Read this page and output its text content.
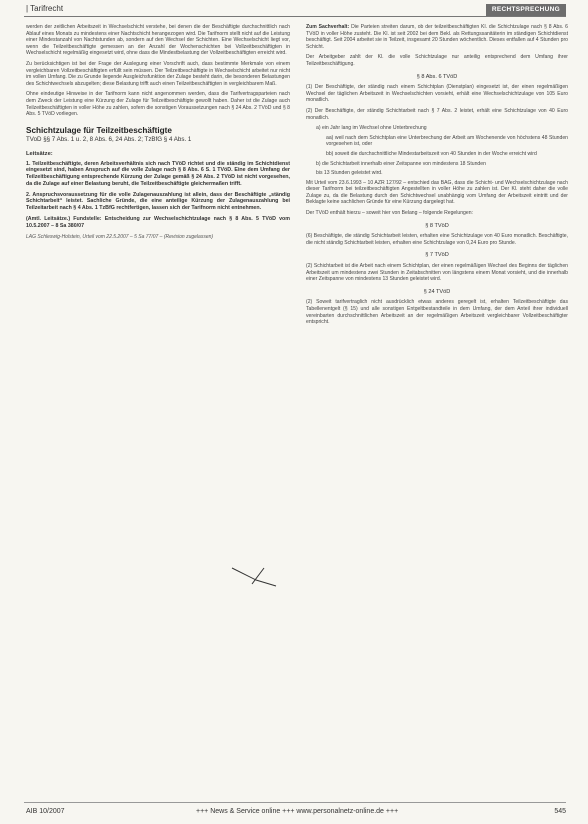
| Tarifrecht	RECHTSPRECHUNG

werden der zeitlichen Arbeitszeit in Wechselschicht verstehe, bei denen die der Beschäftigte durchschnittlich nach Ablauf eines Monats zu mindestens einer Nachtschicht herangezogen wird. Die Tarifnorm stellt nicht auf die Leistung einer Mindestanzahl von Nachtstunden ab, sondern auf den Wechsel der Schichten. Eine Wechselschicht liegt vor, wenn die Teilzeitbeschäftigte gemessen an der Anzahl der Wochenschichten bei Vollzeitbeschäftigten in Wechselschicht regelmäßig eingesetzt wird, ohne dass die Mindestbelastung der Vollzeitbeschäftigten erreicht wird.

Zu berücksichtigen ist bei der Frage der Auslegung einer Vorschrift auch, dass bestimmte Merkmale von einem vergleichbaren Vollzeitbeschäftigten erfüllt sein müssen. Der Teilzeitbeschäftigte in Wechselschicht arbeitet nur nicht im vollen Umfang. Die zu Grunde liegende Ausgleichsfunktion der Zulage besteht darin, die besonderen Belastungen des Schichtwechsels abzugelten; diese Belastung trifft auch einen Teilzeitbeschäftigten in vergleichbarem Maß.

Ohne eindeutige Hinweise in der Tarifnorm kann nicht angenommen werden, dass die Tarifvertragsparteien nach dem Zweck der Leistung eine Kürzung der Zulage für Teilzeitbeschäftigte gewollt haben. Daher ist die Zulage auch Teilzeitbeschäftigten in voller Höhe zu zahlen, sofern die sonstigen Voraussetzungen nach § 24 Abs. 2 TVöD und § 8 Abs. 5 TVöD vorliegen.

Schichtzulage für Teilzeitbeschäftigte
TVoD §§ 7 Abs. 1 u. 2, 8 Abs. 6, 24 Abs. 2; TzBfG § 4 Abs. 1
Leitsätze:

1. Teilzeitbeschäftigte, deren Arbeitsverhältnis sich nach TVöD richtet und die ständig im Schichtdienst eingesetzt sind, haben Anspruch auf die volle Zulage nach § 8 Abs. 6 S. 1 TVöD. Eine dem Umfang der Teilzeitbeschäftigung entsprechende Kürzung der Zulage gemäß § 24 Abs. 2 TVöD ist nicht vorgesehen, da die Zulage auf einer Belastung beruht, die Teilzeitbeschäftigte gleichermaßen trifft.

2. Anspruchsvoraussetzung für die volle Zulagenauszahlung ist allein, dass der Beschäftigte „ständig Schichtarbeit“ leistet. Sachliche Gründe, die eine anteilige Kürzung der Zulagenauszahlung bei Teilzeitarbeit nach § 4 Abs. 1 TzBfG rechtfertigen, lassen sich der Tarifnorm nicht entnehmen.

(Amtl. Leitsätze.) Fundstelle: Entscheidung zur Wechselschichtzulage nach § 8 Abs. 5 TVöD vom 10.5.2007 – 8 Sa 380/07

LAG Schleswig-Holstein, Urteil vom 22.5.2007 – 5 Sa 77/07 – (Revision zugelassen)

Zum Sachverhalt: Die Parteien streiten darum, ob der teilzeitbeschäftigten Kl. die Schichtzulage nach § 8 Abs. 6 TVöD in voller Höhe zusteht. Die Kl. ist seit 2002 bei dem Bekl. als Rettungssanitäterin im ständigen Schichtdienst beschäftigt. Seit 2004 arbeitet sie in Teilzeit, insgesamt 20 Stunden wöchentlich. Dieses entfallen auf 4 Stunden pro Schicht.

Der Arbeitgeber zahlt der Kl. die volle Schichtzulage nur anteilig entsprechend dem Umfang ihrer Teilzeitbeschäftigung.

§ 8 Abs. 6 TVöD

(1) Der Beschäftigte, der ständig nach einem Schichtplan (Dienstplan) eingesetzt ist, der einen regelmäßigen Wechsel der täglichen Arbeitszeit in Wechselschichten vorsieht, erhält eine Wechselschichtzulage von 105 Euro monatlich.

(2) Der Beschäftigte, der ständig Schichtarbeit nach § 7 Abs. 2 leistet, erhält eine Schichtzulage von 40 Euro monatlich.

a) ein Jahr lang im Wechsel ohne Unterbrechung

aa) weil nach dem Schichtplan eine Unterbrechung der Arbeit am Wochenende von höchstens 48 Stunden vorgesehen ist, oder

bb) soweit die durchschnittliche Mindestarbeitszeit von 40 Stunden in der Woche erreicht wird

b) die Schichtarbeit innerhalb einer Zeitspanne von mindestens 18 Stunden

bis 13 Stunden geleistet wird.

Mit Urteil vom 23.6.1993 – 10 AZR 127/92 – entschied das BAG, dass die Schicht- und Wechselschichtzulage nach dieser Tarifnorm bei teilzeitbeschäftigten Angestellten in voller Höhe zu zahlen ist. Der Kl. steht daher die volle Zulage zu, da die Belastung durch den Schichtwechsel unabhängig vom Umfang der Arbeitszeit eintritt und der Beklagte keine sachlichen Gründe für eine Kürzung dargelegt hat.

Der TVöD enthält hierzu – soweit hier von Belang – folgende Regelungen:

§ 8 TVöD

(6) Beschäftigte, die ständig Schichtarbeit leisten, erhalten eine Schichtzulage von 40 Euro monatlich. Beschäftigte, die nicht ständig Schichtarbeit leisten, erhalten eine Schichtzulage von 0,24 Euro pro Stunde.

§ 7 TVöD

(2) Schichtarbeit ist die Arbeit nach einem Schichtplan, der einen regelmäßigen Wechsel des Beginns der täglichen Arbeitszeit um mindestens zwei Stunden in Zeitabschnitten von längstens einem Monat vorsieht, und die innerhalb einer Zeitspanne von mindestens 13 Stunden geleistet wird.

§ 24 TVöD

(2) Soweit tarifvertraglich nicht ausdrücklich etwas anderes geregelt ist, erhalten Teilzeitbeschäftigte das Tabellenentgelt (§ 15) und alle sonstigen Entgeltbestandteile in dem Umfang, der dem Anteil ihrer individuell vereinbarten durchschnittlichen Arbeitszeit an der regelmäßigen Arbeitszeit vergleichbarer Vollzeitbeschäftigter entspricht.

AIB 10/2007	+++ News & Service online +++ www.personalnetz-online.de +++	545
